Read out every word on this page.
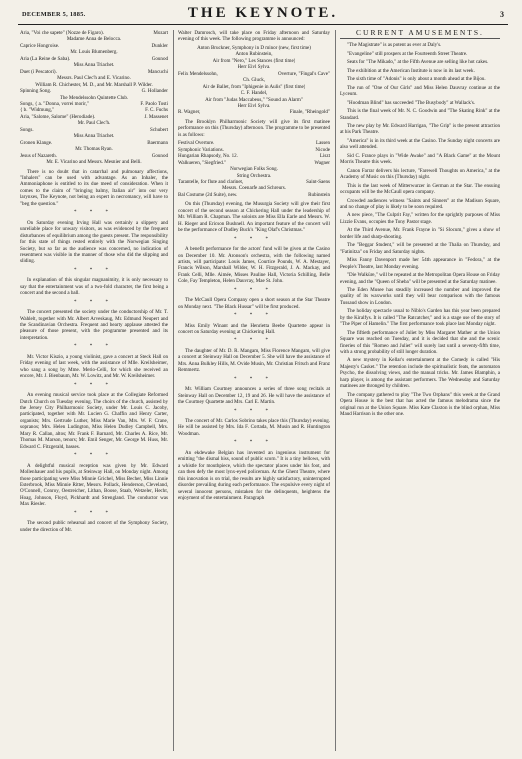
DECEMBER 5, 1885.	THE KEYNOTE.	3
Aria, "Voi che sapete" (Nozze de Figaro).	Mozart
Madame Anna de Belocca.
Caprice Hongroise.	Dunkler
Mr. Louis Blumenberg.
Aria (La Reine de Saba).	Gounod
Miss Anna Triachet.
Duet (i Pescatori).	Mancuchi
Messrs. Paul Clec'h and E. Vicarino.
William R. Chichester, M. D., and Mr. Marshall P. Wilder.
Spinning Song.	G. Hollander
The Mendelssohn Quintette Club.
Songs, { a. "Donna, vorrei morir,"	F. Paolo Tosti
{ b. "Widmung,"	F. C. Fuchs
Aria, "Salome, Salome" (Herodiade).	J. Massenet
Mr. Paul Clec'h.
Songs.	Schubert
Miss Anna Triachet.
Gronen Klange.	Baermann
Mr. Thomas Ryan.
Jesus of Nazareth.	Gounod
Mr. E. Vicarino and Messrs. Mesnier and Belli.

There is no doubt that in catarrhal and pulmonary affections, "Inhalers" can be used with advantage. As an Inhaler, the Ammoniaphone is entitled to its due meed of consideration. When it comes to the claim of "bringing balmy, Italian air" into our very larynxes, The Keynote, not being an expert in necromancy, will have to "beg the question."

* * *

On Saturday evening Irving Hall was certainly a slippery and unreliable place for unwary visitors, as was evidenced by the frequent disturbances of equilibrium among the guests present. The responsibility for this state of things rested entirely with the Norwegian Singing Society, but so far as the audience was concerned, no indication of resentment was visible in the manner of those who did the slipping and sliding.

* * *

In explanation of this singular magnanimity, it is only necessary to say that the entertainment was of a two-fold character, the first being a concert and the second a ball.

* * *

The concert presented the society under the conductorship of Mr. T. Wahlelt, together with Mr. Albert Arveskaug, Mr. Edmund Neupert and the Scandinavian Orchestra. Frequent and hearty applause attested the pleasure of those present, with the programme presented and its interpretation.

* * *

Mr. Victor Kiszio, a young violinist, gave a concert at Steck Hall on Friday evening of last week, with the assistance of Mlle. Kreilsheimer, who sang a song by Mme. Merio-Celli, for which she received an encore, Mr. J. Bienbaum, Mr. W. Lowitz, and Mr. W. Kreilsheimer.

* * *

An evening musical service took place at the Collegiate Reformed Dutch Church on Tuesday evening. The choirs of the church, assisted by the Jersey City Philharmonic Society, under Mr. Louis C. Jacoby, participated, together with Mr. Lucien G. Chaffin and Henry Carter, organists; Mrs. Gertrude Luther, Miss Marie Van, Mrs. W. F. Crane, sopranos; Mrs. Helen Ludington, Miss Helen Dudley Campbell, Mrs. Mary R. Callan, altos; Mr. Frank F. Barnard, Mr. Charles A. Rice, Mr. Thomas M. Marson, tenors; Mr. Emil Senger, Mr. George M. Huss, Mr. Edward C. Fitzgerald, basses.

* * *

A delightful musical reception was given by Mr. Edward Mollenhauer and his pupils, at Steinway Hall, on Monday night. Among those participating were Miss Minnie Grichel, Miss Becher, Miss Linnie Esterbrook, Miss Minnie Ritter, Messrs. Pollack, Henderson, Cleveland, O'Connell, Conroy, Oestreicher, Lithan, Boose, Staab, Wetzeler, Hecht, Hoag, Johnson, Floyd, Pickhardt and Strengland. The conductor was Max Riesler.

* * *

The second public rehearsal and concert of the Symphony Society, under the direction of Mr.

Walter Damrosch, will take place on Friday afternoon and Saturday evening of this week. The following programme is announced:

Anton Bruckner, Symphony in D minor (new, first time)
Anton Rubinstein,
Air from "Nero," Les Stances (first time)
Herr Eivl Sylva.
Felix Mendelssohn,	Overture, "Fingal's Cave"
Ch. Gluck,
Air de Ballet, from "Iphigenie in Aulis" (first time)
C. F. Handel,
Air from "Judas Maccabeus," "Sound an Alarm"
Herr Eivl Sylva.
R. Wagner,	Finale, "Rheingold"

The Brooklyn Philharmonic Society will give its first matinee performance on this (Thursday) afternoon. The programme to be presented is as follows:

Festival Overture.	Lassen
Symphonic Variations.	Nicode
Hungarian Rhapsody, No. 12.	Liszt
Walkueren, "Siegfried."	Wagner
Norwegian Folks Song.
String Orchestra.
Tarantelle, for flute and clarinet,	Saint-Saens
Messrs. Coenarfe and Schreurs.
Bal Costume (2d Suite), new.	Rubinstein

On this (Thursday) evening, the Musurgia Society will give their first concert of the second season at Chickering Hall under the leadership of Mr. William R. Chapman. The soloists are Miss Ella Earle and Messrs. W. H. Rieger and Ericson Bushnell. An important feature of the concert will be the performance of Dudley Buck's "King Olaf's Christmas."

* * *

A benefit performance for the actors' fund will be given at the Casino on December 10. Mr. Aronson's orchestra, with the following named artists, will participate: Louis James, Courtice Pounds, W. A. Mestayer, Francis Wilson, Marshall Wilder, W. H. Fitzgerald, J. A. Mackay, and Frank Celli, Mlle. Aimée, Misses Pauline Hall, Victoria Schilling, Belle Cole, Fay Templeton, Helen Dauvray, Mae St. John.

* * *

The McCaull Opera Company open a short season at the Star Theatre on Monday next. "The Black Hussar" will be first produced.

* * *

Miss Emily Winant and the Henrietta Beebe Quartette appear in concert on Saturday evening at Chickering Hall.

* * *

The daughter of Mr. D. R. Mangam, Miss Florence Mangam, will give a concert at Steinway Hall on December 5. She will have the assistance of Mrs. Anna Bulkley Hills, M. Ovide Musin, Mr. Christian Fritsch and Franz Remmertz.

* * *

Mr. William Courtney announces a series of three song recitals at Steinway Hall on December 12, 19 and 26. He will have the assistance of the Courtney Quartette and Mrs. Carl E. Martin.

* * *

The concert of Mr. Carlos Sobrino takes place this (Thursday) evening. He will be assisted by Mrs. Ida F. Cortada, M. Musin and R. Huntington Woodman.

* * *

An ekdewake Belgian has invented an ingenious instrument for emitting "the dismal hiss, sound of public scorn." It is a tiny bellows, with a whistle for mouthpiece, which the spectator places under his foot, and can then defy the most lynx-eyed policeman. At the Ghent Theatre, where this innovation is on trial, the results are highly satisfactory, uninterrupted disorder prevailing during each performance. The expulsive every night of several innocent persons, mistaken for the delinquents, heightens the enjoyment of the entertainment. Paragraph

CURRENT AMUSEMENTS.

"The Magistrate" is as potent as ever at Daly's.

"Evangeline" still prospers at the Fourteenth Street Theatre.

Seats for "The Mikado," at the Fifth Avenue are selling like hot cakes.

The exhibition at the American Institute is now in its last week.

The sixth time of "Adonis" is only about a month ahead at the Bijou.

The run of "One of Our Girls" and Miss Helen Dauvray continue at the Lyceum.

"Hoodman Blind" has succeeded "The Busybody" at Wallack's.

This is the final week of Mr. N. C. Goodwin and "The Skating Rink" at the Standard.

The new play by Mr. Edward Harrigan, "The Grip" is the present attraction at his Park Theatre.

"America" is in its third week at the Casino. The Sunday night concerts are also well attended.

Sid C. France plays in "Wide Awake" and "A Black Game" at the Mount Morris Theatre this week.

Canon Farrar delivers his lecture, "Farewell Thoughts on America," at the Academy of Music on this (Thursday) night.

This is the last week of Mitterwurzer in German at the Star. The ensuing occupants will be the McCaull opera company.

Crowded audiences witness "Saints and Sinners" at the Madison Square, and no change of play is likely to be soon required.

A new piece, "The Culprit Fay," written for the sprightly purposes of Miss Lizzie Evans, occupies the Tony Pastor stage.

At the Third Avenue, Mr. Frank Frayne in "Si Slocum," gives a show of border life and sharp-shooting.

The "Beggar Student," will be presented at the Thalia on Thursday, and "Fatinitza" on Friday and Saturday nights.

Miss Fanny Davenport made her 54th appearance in "Fedora," at the People's Theatre, last Monday evening.

"Die Walküre," will be repeated at the Metropolitan Opera House on Friday evening, and the "Queen of Sheba" will be presented at the Saturday matinee.

The Eden Musee has steadily increased the number and improved the quality of its waxworks until they will bear comparison with the famous Tussaud show in London.

The holiday spectacle usual to Niblo's Garden has this year been prepared by the Kiralfys. It is called "The Ratcatcher," and is a stage use of the story of "The Piper of Hamelin." The first performance took place last Monday night.

The fiftieth performance of Juliet by Miss Margaret Mather at the Union Square was reached on Tuesday, and it is decided that she and the scenic fineries of this "Romeo and Juliet" will surely last until a seventy-fifth time, with a strong probability of still longer duration.

A new mystery in Kellar's entertainment at the Comedy is called "His Majesty's Casket." The retention include the spiritualistic feats, the automaton Psycho, the dissolving views, and the manual tricks. Mr. James Blamphin, a harp player, is among the assistant performers. The Wednesday and Saturday matinees are thronged by children.

The company gathered to play "The Two Orphans" this week at the Grand Opera House is the best that has acted the famous melodrama since the original run at the Union Square. Miss Kate Claxton is the blind orphan, Miss Maud Harrison is the other one.
